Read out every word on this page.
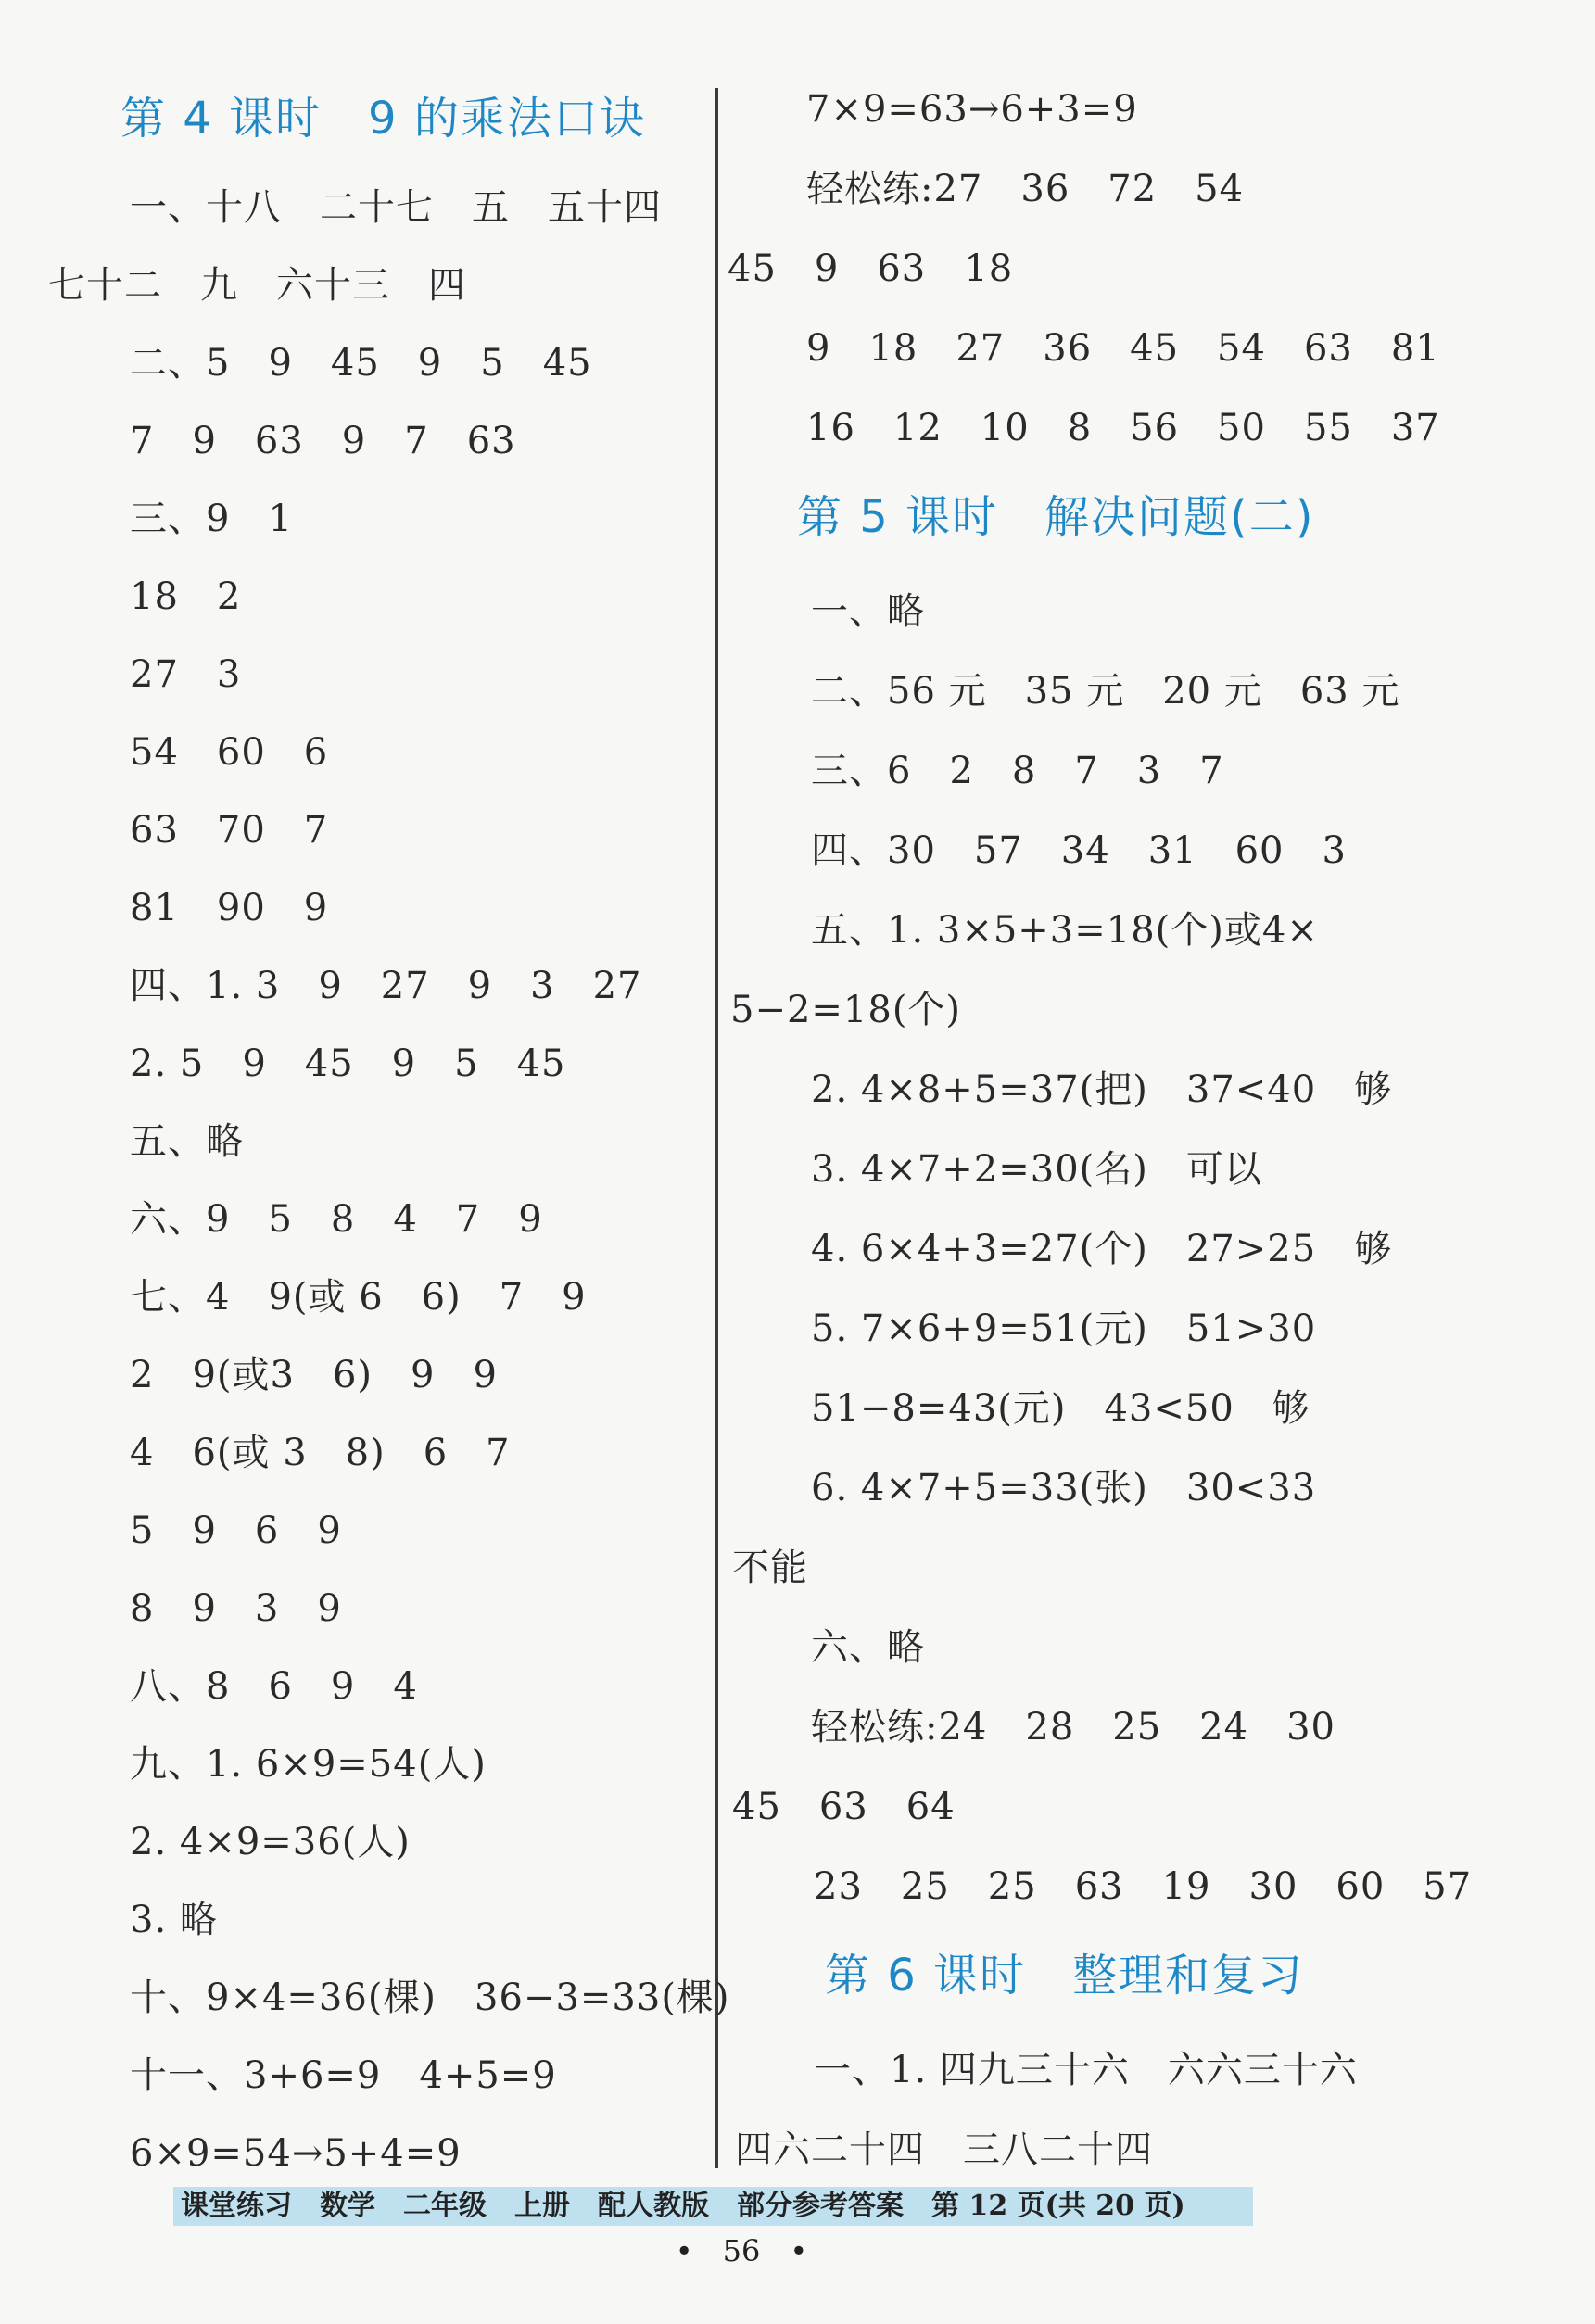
第 4 课时　9 的乘法口诀
一、十八　二十七　五　五十四
七十二　九　六十三　四
二、5　9　45　9　5　45
7　9　63　9　7　63
三、9　1
18　2
27　3
54　60　6
63　70　7
81　90　9
四、1. 3　9　27　9　3　27
2. 5　9　45　9　5　45
五、略
六、9　5　8　4　7　9
七、4　9(或 6　6)　7　9
2　9(或3　6)　9　9
4　6(或 3　8)　6　7
5　9　6　9
8　9　3　9
八、8　6　9　4
九、1. 6×9=54(人)
2. 4×9=36(人)
3. 略
十、9×4=36(棵)　36−3=33(棵)
十一、3+6=9　4+5=9
6×9=54→5+4=9
7×9=63→6+3=9
轻松练:27　36　72　54
45　9　63　18
9　18　27　36　45　54　63　81
16　12　10　8　56　50　55　37
第 5 课时　解决问题(二)
一、略
二、56 元　35 元　20 元　63 元
三、6　2　8　7　3　7
四、30　57　34　31　60　3
五、1. 3×5+3=18(个)或4×
5−2=18(个)
2. 4×8+5=37(把)　37<40　够
3. 4×7+2=30(名)　可以
4. 6×4+3=27(个)　27>25　够
5. 7×6+9=51(元)　51>30
51−8=43(元)　43<50　够
6. 4×7+5=33(张)　30<33
不能
六、略
轻松练:24　28　25　24　30
45　63　64
23　25　25　63　19　30　60　57
第 6 课时　整理和复习
一、1. 四九三十六　六六三十六
四六二十四　三八二十四
课堂练习　数学　二年级　上册　配人教版　部分参考答案　第 12 页(共 20 页)
•　56　•
